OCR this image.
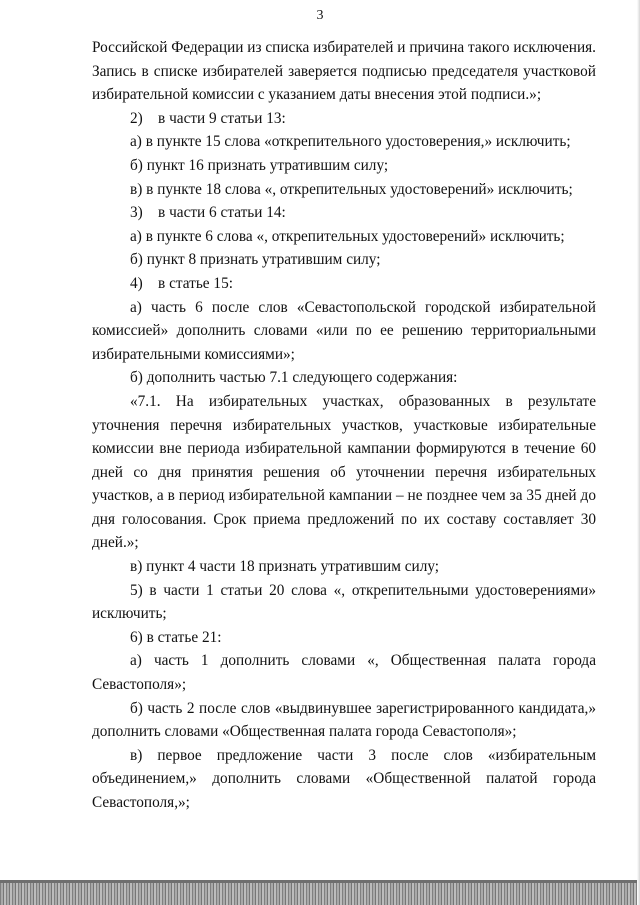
3

Российской Федерации из списка избирателей и причина такого исключения. Запись в списке избирателей заверяется подписью председателя участковой избирательной комиссии с указанием даты внесения этой подписи.»;

2)    в части 9 статьи 13:

а) в пункте 15 слова «открепительного удостоверения,» исключить;

б) пункт 16 признать утратившим силу;

в) в пункте 18 слова «, открепительных удостоверений» исключить;

3)    в части 6 статьи 14:

а) в пункте 6 слова «, открепительных удостоверений» исключить;

б) пункт 8 признать утратившим силу;

4)    в статье 15:

а) часть 6 после слов «Севастопольской городской избирательной комиссией» дополнить словами «или по ее решению территориальными избирательными комиссиями»;

б) дополнить частью 7.1 следующего содержания:

«7.1. На избирательных участках, образованных в результате уточнения перечня избирательных участков, участковые избирательные комиссии вне периода избирательной кампании формируются в течение 60 дней со дня принятия решения об уточнении перечня избирательных участков, а в период избирательной кампании – не позднее чем за 35 дней до дня голосования. Срок приема предложений по их составу составляет 30 дней.»;

в) пункт 4 части 18 признать утратившим силу;

5) в части 1 статьи 20 слова «, открепительными удостоверениями» исключить;

6) в статье 21:

а) часть 1 дополнить словами «, Общественная палата города Севастополя»;

б) часть 2 после слов «выдвинувшее зарегистрированного кандидата,» дополнить словами «Общественная палата города Севастополя»;

в) первое предложение части 3 после слов «избирательным объединением,» дополнить словами «Общественной палатой города Севастополя,»;
